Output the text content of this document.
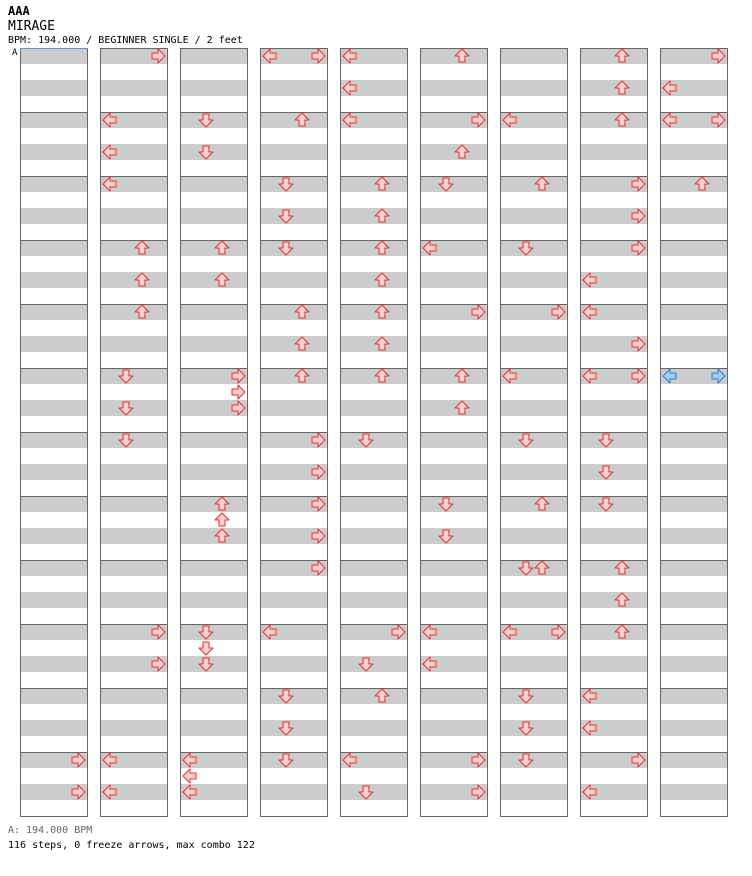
AAA
MIRAGE
BPM: 194.000 / BEGINNER SINGLE / 2 feet
A
A: 194.000 BPM
116 steps, 0 freeze arrows, max combo 122
